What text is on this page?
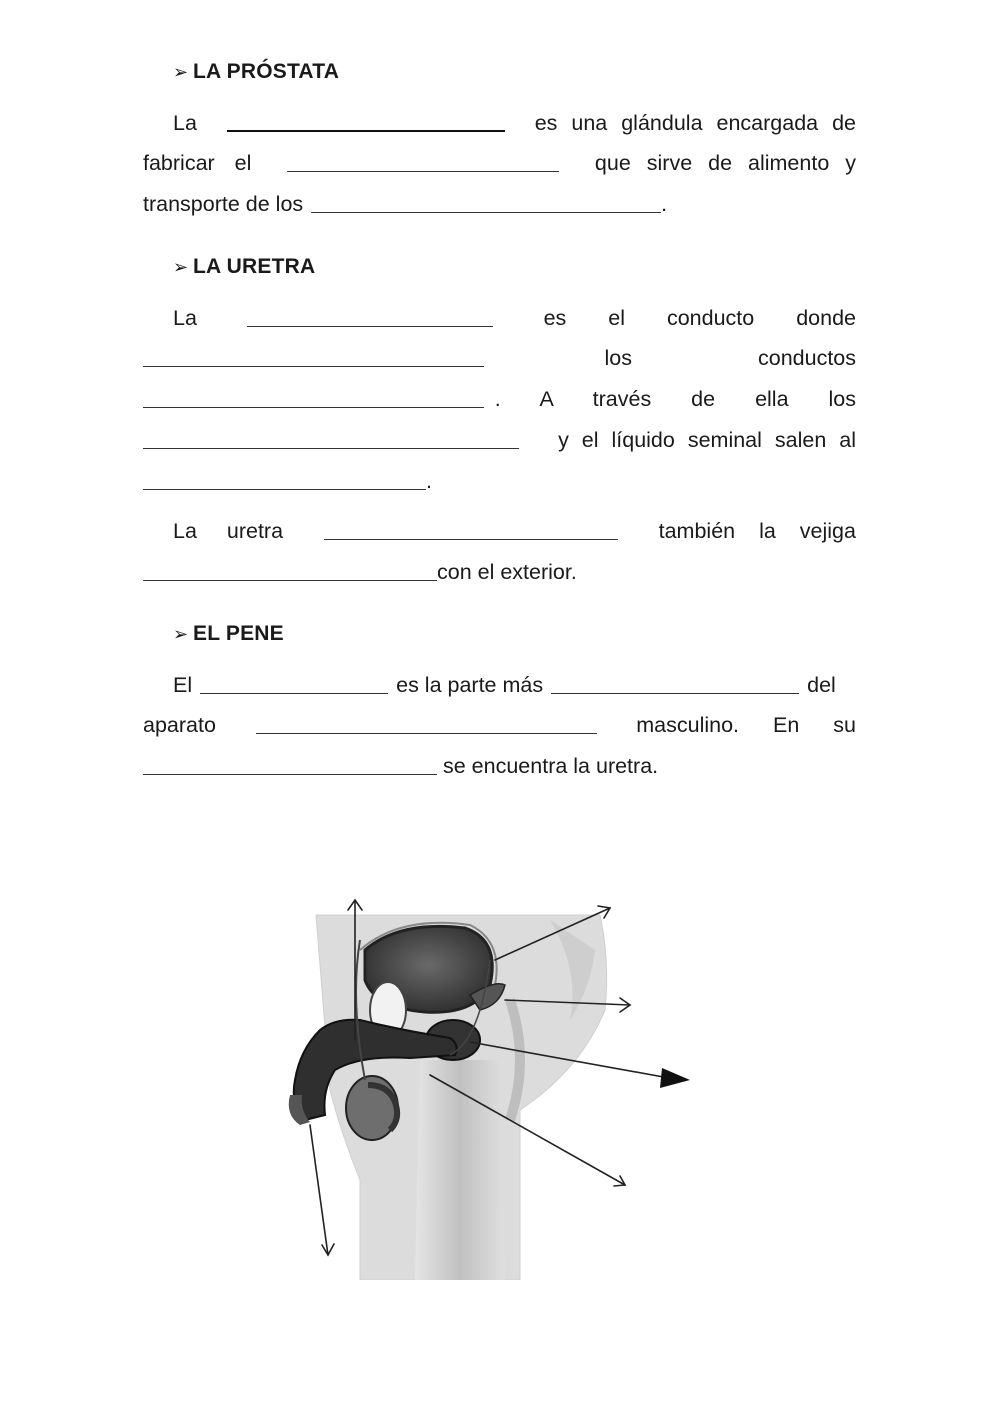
➢ LA PRÓSTATA
La	es una glándula encargada de
fabricar el	que sirve de alimento y
transporte de los	.
➢ LA URETRA
La	es el conducto donde
los conductos
. A través de ella los
y el líquido seminal salen al
.
La uretra	también la vejiga
con el exterior.
➢ EL PENE
El	es la parte más	del
aparato	masculino. En su
se encuentra la uretra.
